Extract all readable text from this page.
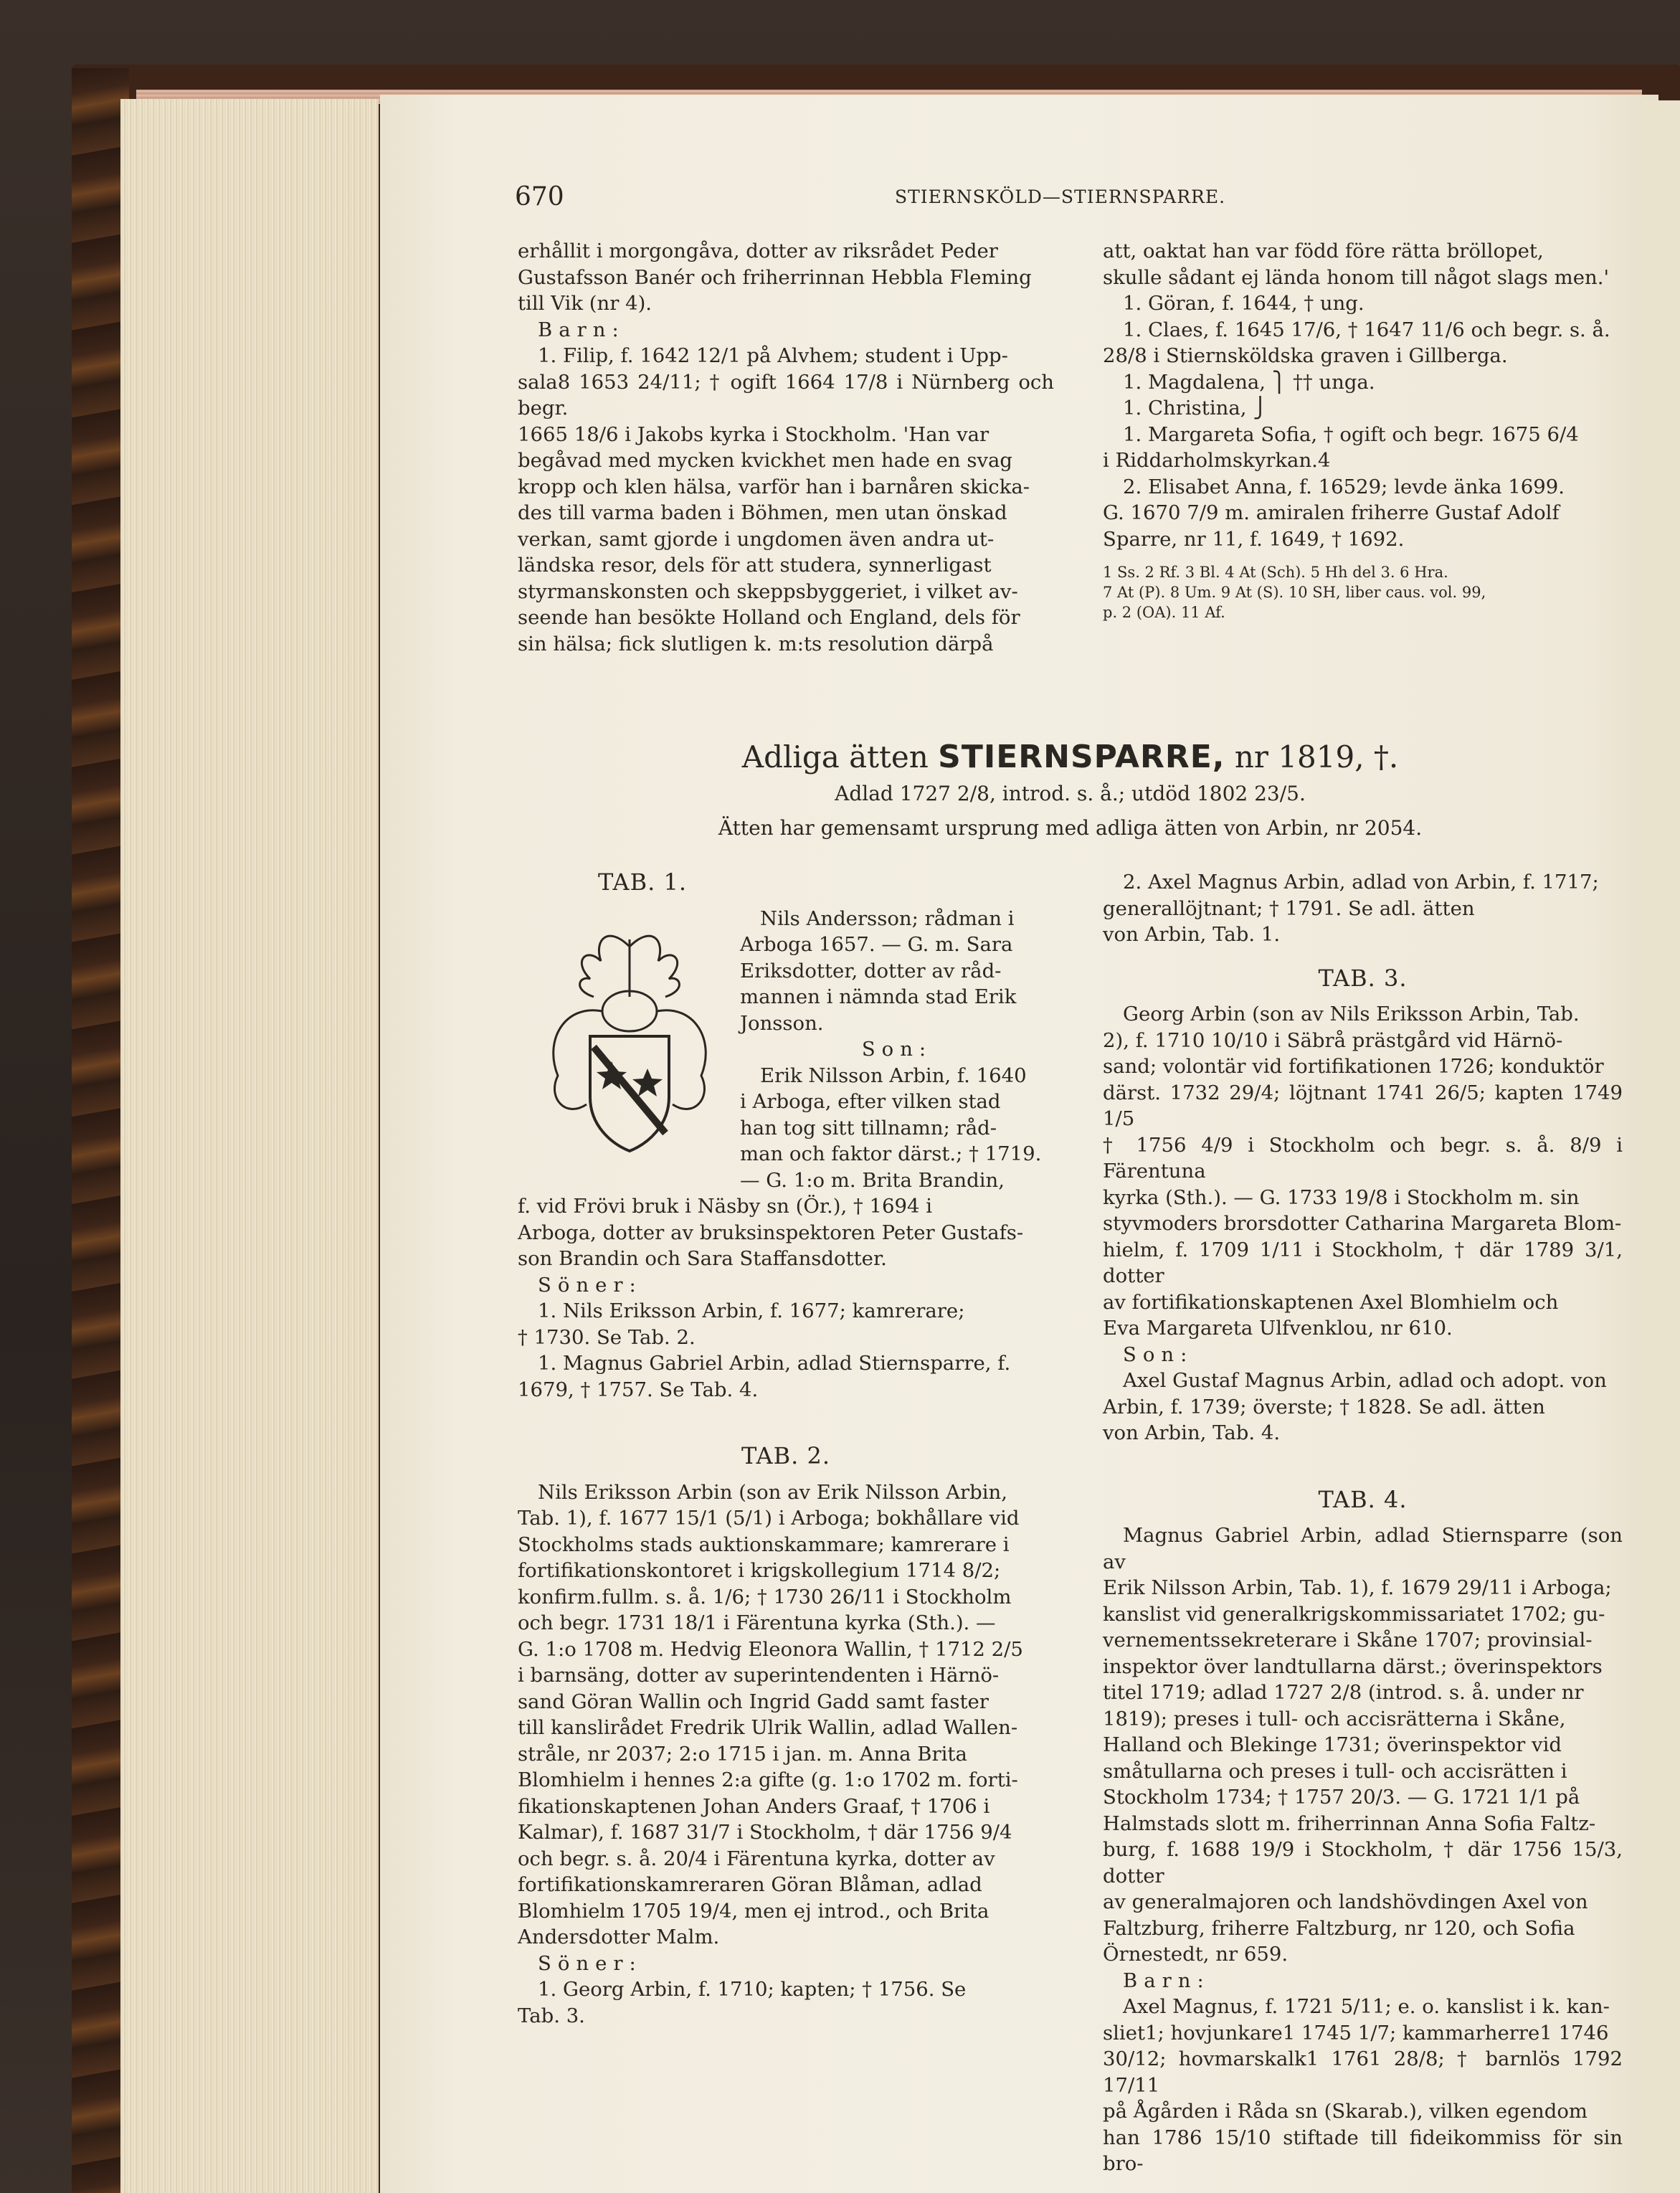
670	STIERNSKÖLD—STIERNSPARRE.

erhållit i morgongåva, dotter av riksrådet Peder

Gustafsson Banér och friherrinnan Hebbla Fleming

till Vik (nr 4).

Barn:

1. Filip, f. 1642 12/1 på Alvhem; student i Upp-

sala8 1653 24/11; † ogift 1664 17/8 i Nürnberg och begr.

1665 18/6 i Jakobs kyrka i Stockholm. 'Han var

begåvad med mycken kvickhet men hade en svag

kropp och klen hälsa, varför han i barnåren skicka-

des till varma baden i Böhmen, men utan önskad

verkan, samt gjorde i ungdomen även andra ut-

ländska resor, dels för att studera, synnerligast

styrmanskonsten och skeppsbyggeriet, i vilket av-

seende han besökte Holland och England, dels för

sin hälsa; fick slutligen k. m:ts resolution därpå

att, oaktat han var född före rätta bröllopet,

skulle sådant ej lända honom till något slags men.'

1. Göran, f. 1644, † ung.

1. Claes, f. 1645 17/6, † 1647 11/6 och begr. s. å.

28/8 i Stiernsköldska graven i Gillberga.

1. Magdalena, ⎫ †† unga.

1. Christina, ⎭

1. Margareta Sofia, † ogift och begr. 1675 6/4

i Riddarholmskyrkan.4

2. Elisabet Anna, f. 16529; levde änka 1699.

G. 1670 7/9 m. amiralen friherre Gustaf Adolf

Sparre, nr 11, f. 1649, † 1692.

1 Ss. 2 Rf. 3 Bl. 4 At (Sch). 5 Hh del 3. 6 Hra.

7 At (P). 8 Um. 9 At (S). 10 SH, liber caus. vol. 99,

p. 2 (OA). 11 Af.

Adliga ätten STIERNSPARRE, nr 1819, †.
Adlad 1727 2/8, introd. s. å.; utdöd 1802 23/5.
Ätten har gemensamt ursprung med adliga ätten von Arbin, nr 2054.

TAB. 1.

Nils Andersson; rådman i

Arboga 1657. — G. m. Sara

Eriksdotter, dotter av råd-

mannen i nämnda stad Erik

Jonsson.

Son:

Erik Nilsson Arbin, f. 1640

i Arboga, efter vilken stad

han tog sitt tillnamn; råd-

man och faktor därst.; † 1719.

— G. 1:o m. Brita Brandin,

f. vid Frövi bruk i Näsby sn (Ör.), † 1694 i

Arboga, dotter av bruksinspektoren Peter Gustafs-

son Brandin och Sara Staffansdotter.

Söner:

1. Nils Eriksson Arbin, f. 1677; kamrerare;

† 1730. Se Tab. 2.

1. Magnus Gabriel Arbin, adlad Stiernsparre, f.

1679, † 1757. Se Tab. 4.

TAB. 2.

Nils Eriksson Arbin (son av Erik Nilsson Arbin,

Tab. 1), f. 1677 15/1 (5/1) i Arboga; bokhållare vid

Stockholms stads auktionskammare; kamrerare i

fortifikationskontoret i krigskollegium 1714 8/2;

konfirm.fullm. s. å. 1/6; † 1730 26/11 i Stockholm

och begr. 1731 18/1 i Färentuna kyrka (Sth.). —

G. 1:o 1708 m. Hedvig Eleonora Wallin, † 1712 2/5

i barnsäng, dotter av superintendenten i Härnö-

sand Göran Wallin och Ingrid Gadd samt faster

till kanslirådet Fredrik Ulrik Wallin, adlad Wallen-

stråle, nr 2037; 2:o 1715 i jan. m. Anna Brita

Blomhielm i hennes 2:a gifte (g. 1:o 1702 m. forti-

fikationskaptenen Johan Anders Graaf, † 1706 i

Kalmar), f. 1687 31/7 i Stockholm, † där 1756 9/4

och begr. s. å. 20/4 i Färentuna kyrka, dotter av

fortifikationskamreraren Göran Blåman, adlad

Blomhielm 1705 19/4, men ej introd., och Brita

Andersdotter Malm.

Söner:

1. Georg Arbin, f. 1710; kapten; † 1756. Se

Tab. 3.

2. Axel Magnus Arbin, adlad von Arbin, f. 1717;

generallöjtnant; † 1791. Se adl. ätten

von Arbin, Tab. 1.

TAB. 3.

Georg Arbin (son av Nils Eriksson Arbin, Tab.

2), f. 1710 10/10 i Säbrå prästgård vid Härnö-

sand; volontär vid fortifikationen 1726; konduktör

därst. 1732 29/4; löjtnant 1741 26/5; kapten 1749 1/5

† 1756 4/9 i Stockholm och begr. s. å. 8/9 i Färentuna

kyrka (Sth.). — G. 1733 19/8 i Stockholm m. sin

styvmoders brorsdotter Catharina Margareta Blom-

hielm, f. 1709 1/11 i Stockholm, † där 1789 3/1, dotter

av fortifikationskaptenen Axel Blomhielm och

Eva Margareta Ulfvenklou, nr 610.

Son:

Axel Gustaf Magnus Arbin, adlad och adopt. von

Arbin, f. 1739; överste; † 1828. Se adl. ätten

von Arbin, Tab. 4.

TAB. 4.

Magnus Gabriel Arbin, adlad Stiernsparre (son av

Erik Nilsson Arbin, Tab. 1), f. 1679 29/11 i Arboga;

kanslist vid generalkrigskommissariatet 1702; gu-

vernementssekreterare i Skåne 1707; provinsial-

inspektor över landtullarna därst.; överinspektors

titel 1719; adlad 1727 2/8 (introd. s. å. under nr

1819); preses i tull- och accisrätterna i Skåne,

Halland och Blekinge 1731; överinspektor vid

småtullarna och preses i tull- och accisrätten i

Stockholm 1734; † 1757 20/3. — G. 1721 1/1 på

Halmstads slott m. friherrinnan Anna Sofia Faltz-

burg, f. 1688 19/9 i Stockholm, † där 1756 15/3, dotter

av generalmajoren och landshövdingen Axel von

Faltzburg, friherre Faltzburg, nr 120, och Sofia

Örnestedt, nr 659.

Barn:

Axel Magnus, f. 1721 5/11; e. o. kanslist i k. kan-

sliet1; hovjunkare1 1745 1/7; kammarherre1 1746

30/12; hovmarskalk1 1761 28/8; † barnlös 1792 17/11

på Ågården i Råda sn (Skarab.), vilken egendom

han 1786 15/10 stiftade till fideikommiss för sin bro-
